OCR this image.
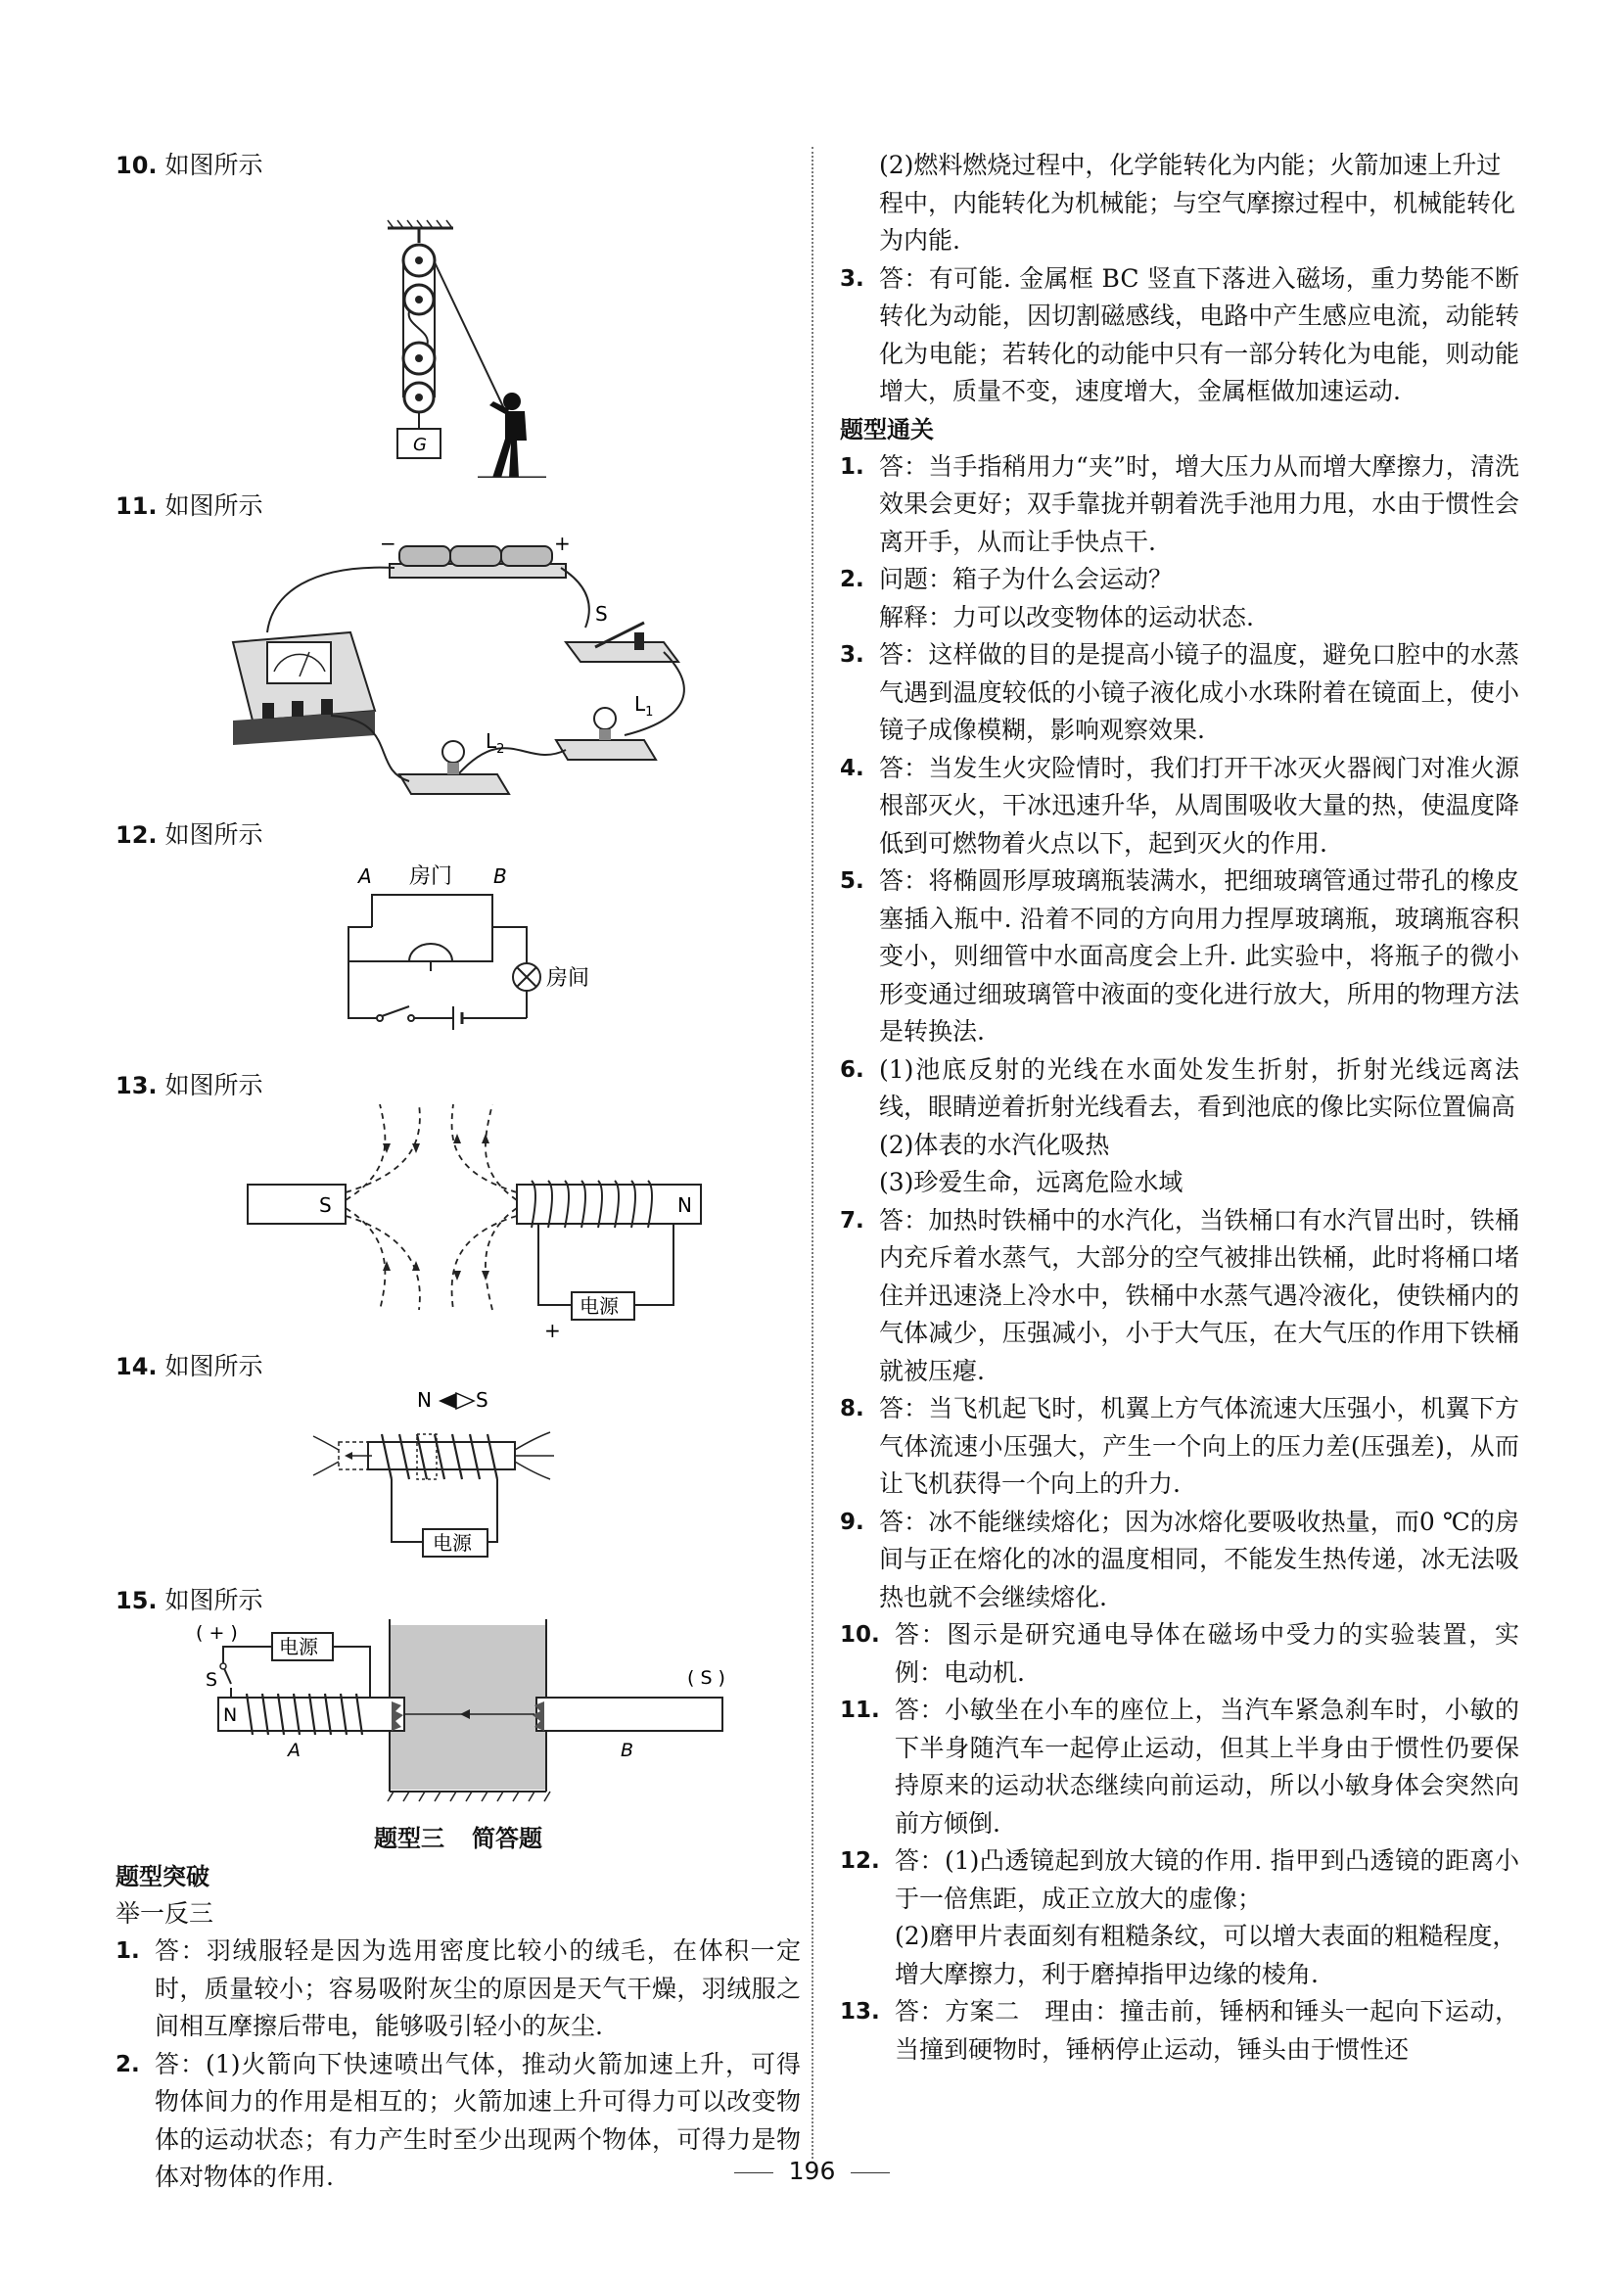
10. 如图所示
G
11. 如图所示
−	+
S
$L_1$
$L_2$
12. 如图所示
A 房门 B
房间
13. 如图所示
S	N
电源
+
14. 如图所示
N S
电源
15. 如图所示
( + )
电源
S
N
A	B
( S )
题型三 简答题
题型突破
举一反三
1. 答：羽绒服轻是因为选用密度比较小的绒毛，在体积一定时，质量较小；容易吸附灰尘的原因是天气干燥，羽绒服之间相互摩擦后带电，能够吸引轻小的灰尘.
2. 答：(1)火箭向下快速喷出气体，推动火箭加速上升，可得物体间力的作用是相互的；火箭加速上升可得力可以改变物体的运动状态；有力产生时至少出现两个物体，可得力是物体对物体的作用.
(2)燃料燃烧过程中，化学能转化为内能；火箭加速上升过程中，内能转化为机械能；与空气摩擦过程中，机械能转化为内能.
3. 答：有可能. 金属框 BC 竖直下落进入磁场，重力势能不断转化为动能，因切割磁感线，电路中产生感应电流，动能转化为电能；若转化的动能中只有一部分转化为电能，则动能增大，质量不变，速度增大，金属框做加速运动.
题型通关
1. 答：当手指稍用力“夹”时，增大压力从而增大摩擦力，清洗效果会更好；双手靠拢并朝着洗手池用力甩，水由于惯性会离开手，从而让手快点干.
2. 问题：箱子为什么会运动？
解释：力可以改变物体的运动状态.
3. 答：这样做的目的是提高小镜子的温度，避免口腔中的水蒸气遇到温度较低的小镜子液化成小水珠附着在镜面上，使小镜子成像模糊，影响观察效果.
4. 答：当发生火灾险情时，我们打开干冰灭火器阀门对准火源根部灭火，干冰迅速升华，从周围吸收大量的热，使温度降低到可燃物着火点以下，起到灭火的作用.
5. 答：将椭圆形厚玻璃瓶装满水，把细玻璃管通过带孔的橡皮塞插入瓶中. 沿着不同的方向用力捏厚玻璃瓶，玻璃瓶容积变小，则细管中水面高度会上升. 此实验中，将瓶子的微小形变通过细玻璃管中液面的变化进行放大，所用的物理方法是转换法.
6. (1)池底反射的光线在水面处发生折射，折射光线远离法线，眼睛逆着折射光线看去，看到池底的像比实际位置偏高
(2)体表的水汽化吸热
(3)珍爱生命，远离危险水域
7. 答：加热时铁桶中的水汽化，当铁桶口有水汽冒出时，铁桶内充斥着水蒸气，大部分的空气被排出铁桶，此时将桶口堵住并迅速浇上冷水中，铁桶中水蒸气遇冷液化，使铁桶内的气体减少，压强减小，小于大气压，在大气压的作用下铁桶就被压瘪.
8. 答：当飞机起飞时，机翼上方气体流速大压强小，机翼下方气体流速小压强大，产生一个向上的压力差(压强差)，从而让飞机获得一个向上的升力.
9. 答：冰不能继续熔化；因为冰熔化要吸收热量，而0 ℃的房间与正在熔化的冰的温度相同，不能发生热传递，冰无法吸热也就不会继续熔化.
10. 答：图示是研究通电导体在磁场中受力的实验装置，实例：电动机.
11. 答：小敏坐在小车的座位上，当汽车紧急刹车时，小敏的下半身随汽车一起停止运动，但其上半身由于惯性仍要保持原来的运动状态继续向前运动，所以小敏身体会突然向前方倾倒.
12. 答：(1)凸透镜起到放大镜的作用. 指甲到凸透镜的距离小于一倍焦距，成正立放大的虚像；
(2)磨甲片表面刻有粗糙条纹，可以增大表面的粗糙程度，增大摩擦力，利于磨掉指甲边缘的棱角.
13. 答：方案二　理由：撞击前，锤柄和锤头一起向下运动，当撞到硬物时，锤柄停止运动，锤头由于惯性还
196
